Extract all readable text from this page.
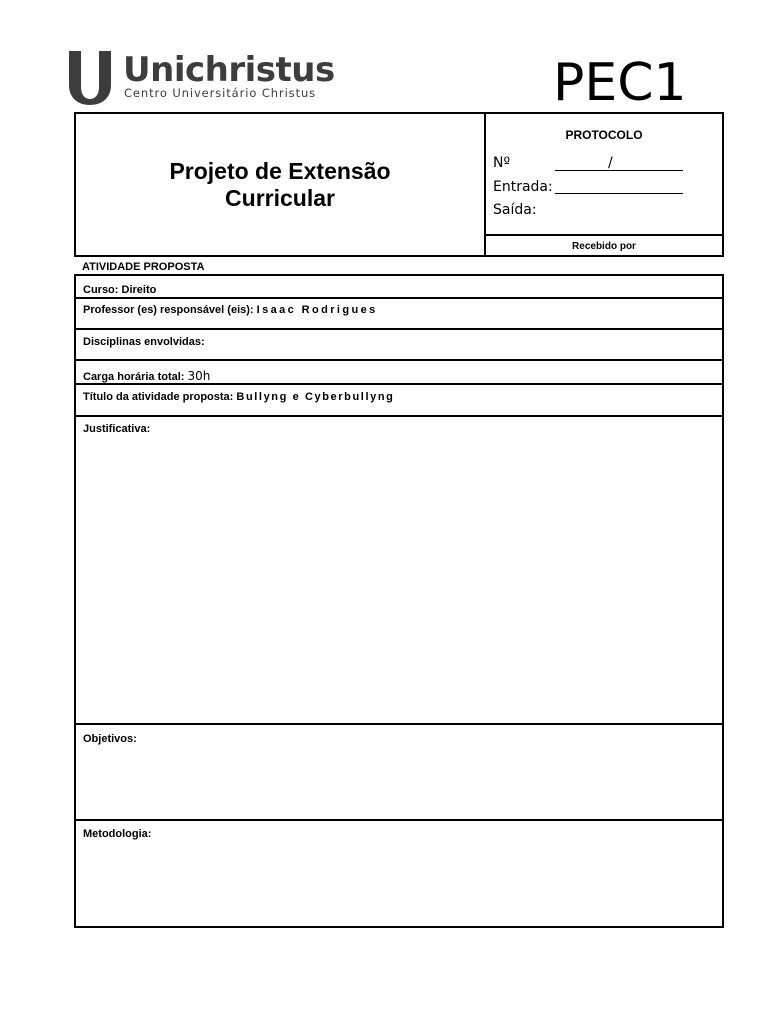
Unichristus
Centro Universitário Christus	PEC1
Projeto de Extensão
Curricular
PROTOCOLO
Nº	/
Entrada:
Saída:
Recebido por
ATIVIDADE PROPOSTA
Curso: Direito
Professor (es) responsável (eis): Isaac Rodrigues
Disciplinas envolvidas:
Carga horária total: 30h
Título da atividade proposta: Bullyng e Cyberbullyng
Justificativa:
Objetivos:
Metodologia:
